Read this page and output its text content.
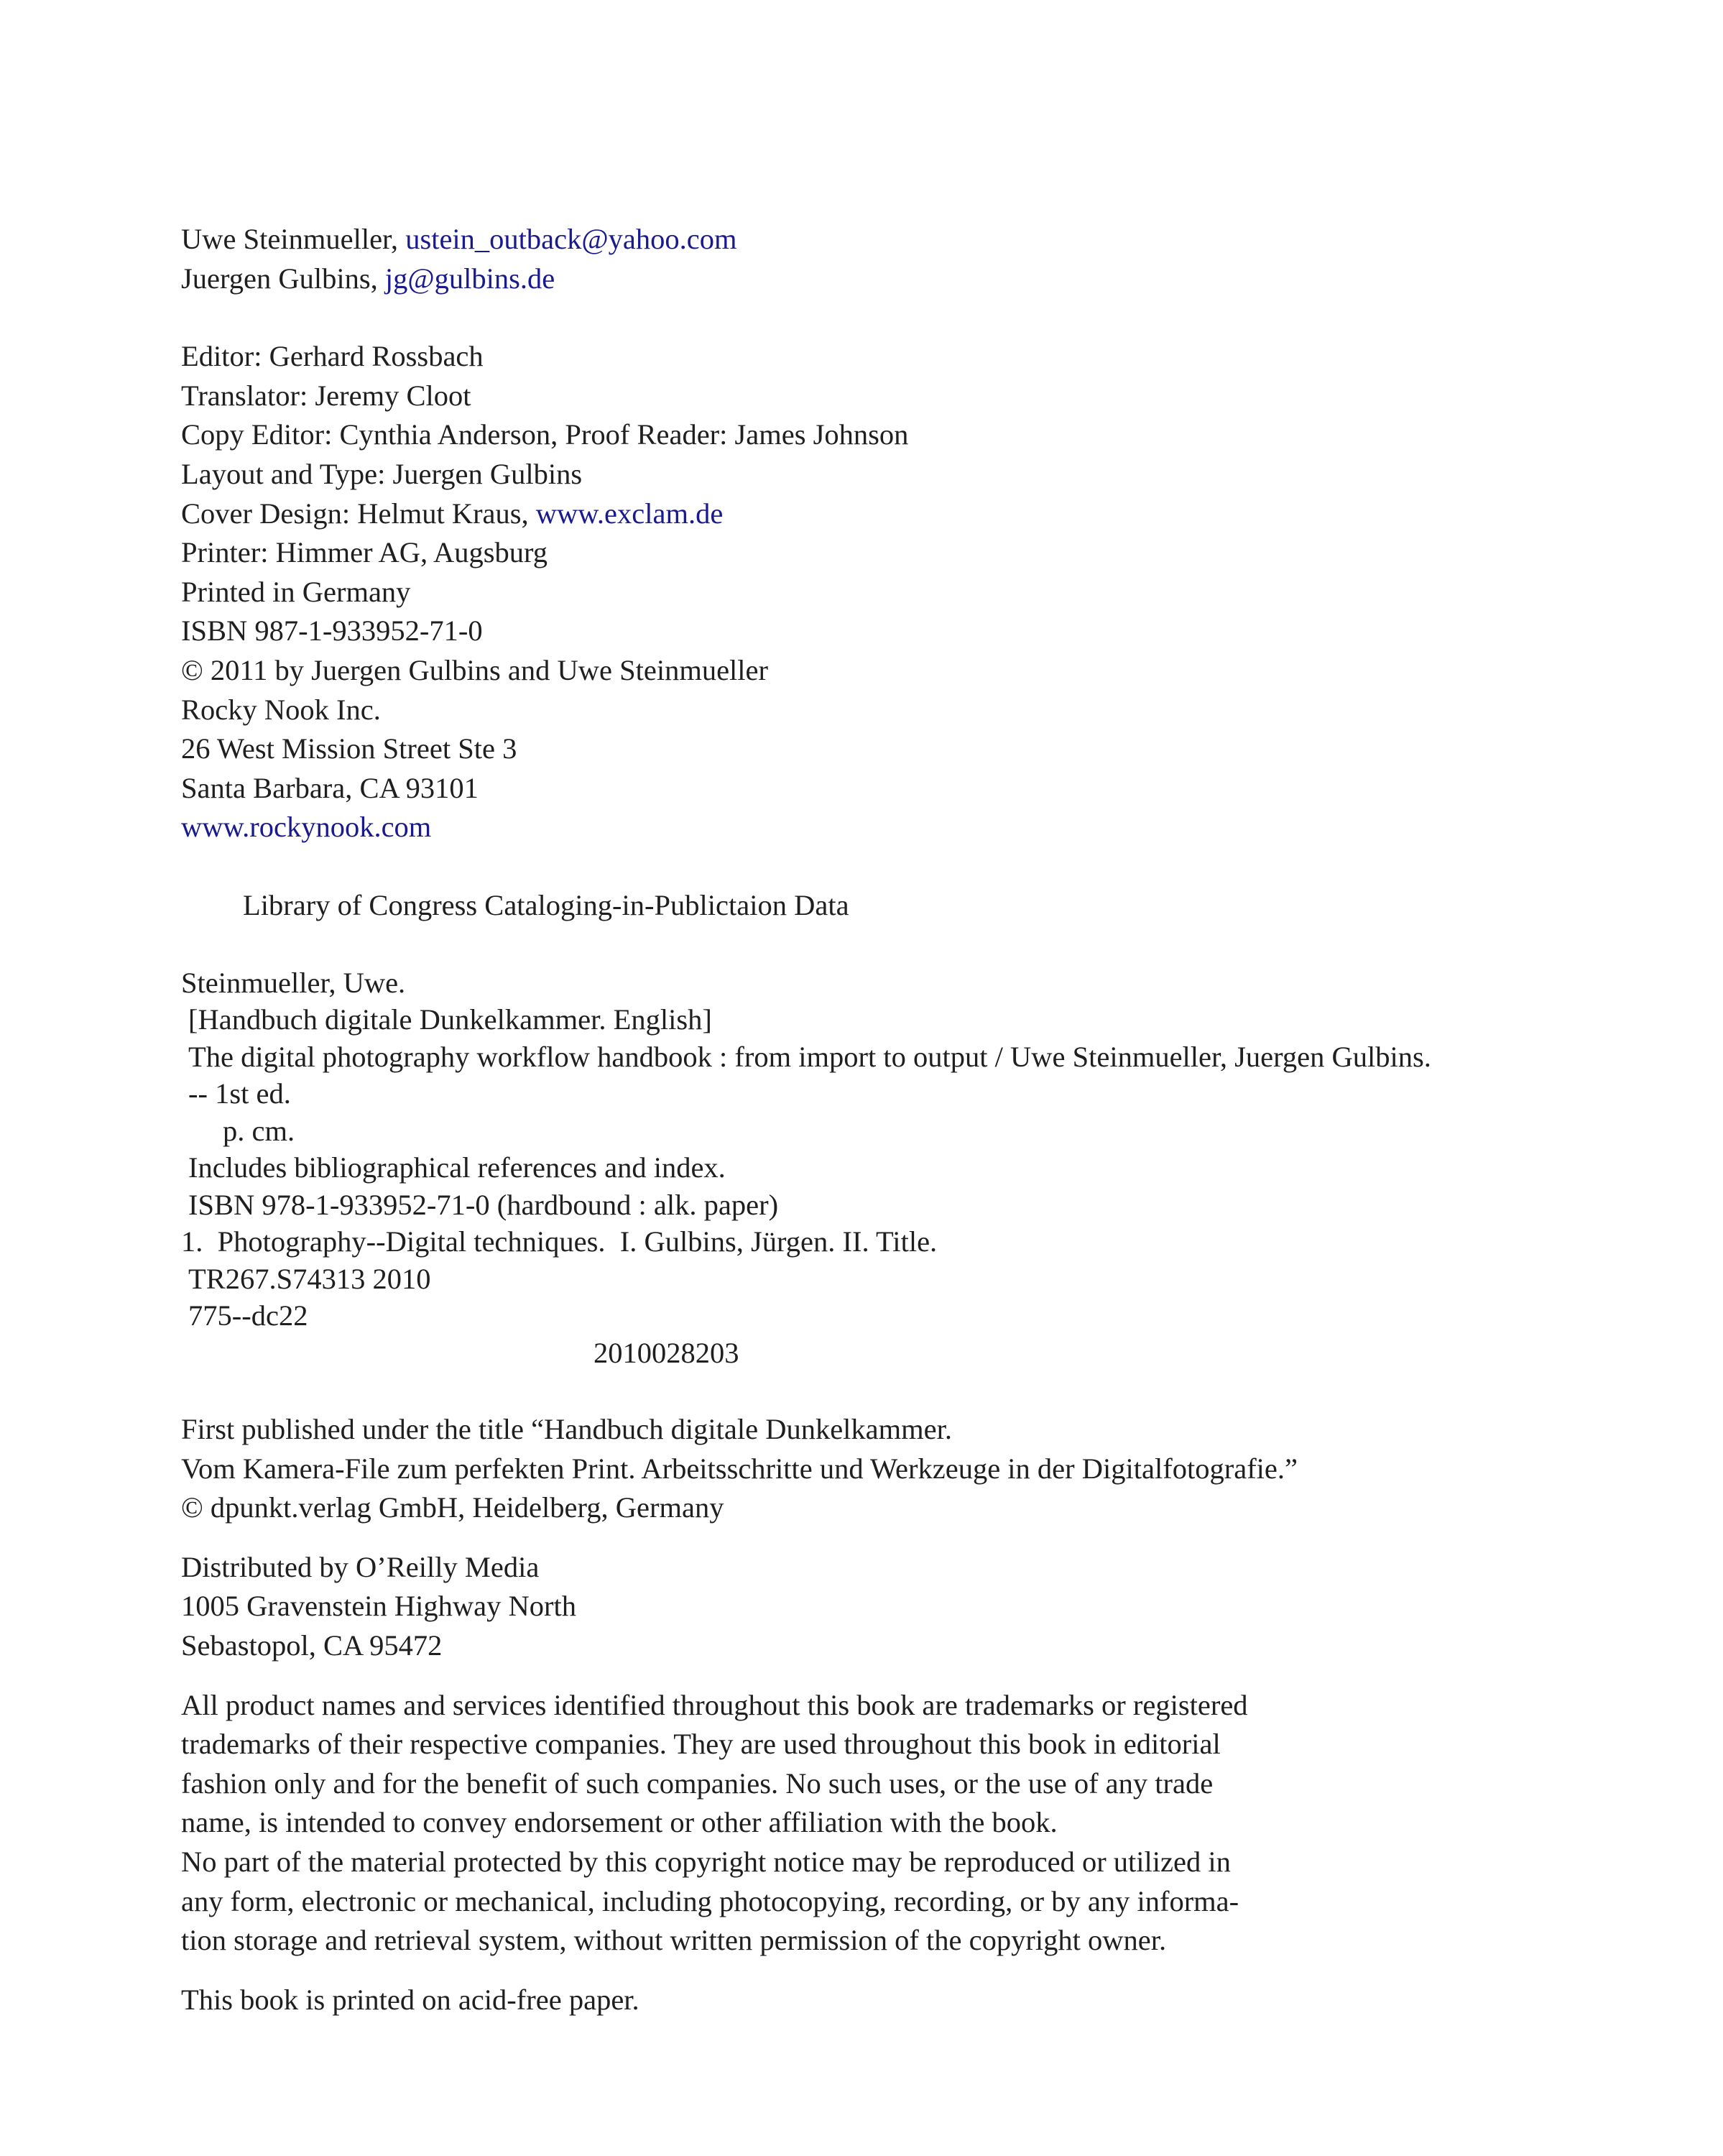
Uwe Steinmueller, ustein_outback@yahoo.com
Juergen Gulbins, jg@gulbins.de
Editor: Gerhard Rossbach
Translator: Jeremy Cloot
Copy Editor: Cynthia Anderson, Proof Reader: James Johnson
Layout and Type: Juergen Gulbins
Cover Design: Helmut Kraus, www.exclam.de
Printer: Himmer AG, Augsburg
Printed in Germany
ISBN 987-1-933952-71-0
© 2011 by Juergen Gulbins and Uwe Steinmueller
Rocky Nook Inc.
26 West Mission Street Ste 3
Santa Barbara, CA 93101
www.rockynook.com
Library of Congress Cataloging-in-Publictaion Data
Steinmueller, Uwe.
[Handbuch digitale Dunkelkammer. English]
The digital photography workflow handbook : from import to output / Uwe Steinmueller, Juergen Gulbins.
-- 1st ed.
p. cm.
Includes bibliographical references and index.
ISBN 978-1-933952-71-0 (hardbound : alk. paper)
1.  Photography--Digital techniques.  I. Gulbins, Jürgen. II. Title.
TR267.S74313 2010
775--dc22
2010028203
First published under the title “Handbuch digitale Dunkelkammer.
Vom Kamera-File zum perfekten Print. Arbeitsschritte und Werkzeuge in der Digitalfotografie.”
© dpunkt.verlag GmbH, Heidelberg, Germany
Distributed by O’Reilly Media
1005 Gravenstein Highway North
Sebastopol, CA 95472
All product names and services identified throughout this book are trademarks or registered
trademarks of their respective companies. They are used throughout this book in editorial
fashion only and for the benefit of such companies. No such uses, or the use of any trade
name, is intended to convey endorsement or other affiliation with the book.
No part of the material protected by this copyright notice may be reproduced or utilized in
any form, electronic or mechanical, including photocopying, recording, or by any informa-
tion storage and retrieval system, without written permission of the copyright owner.
This book is printed on acid-free paper.
